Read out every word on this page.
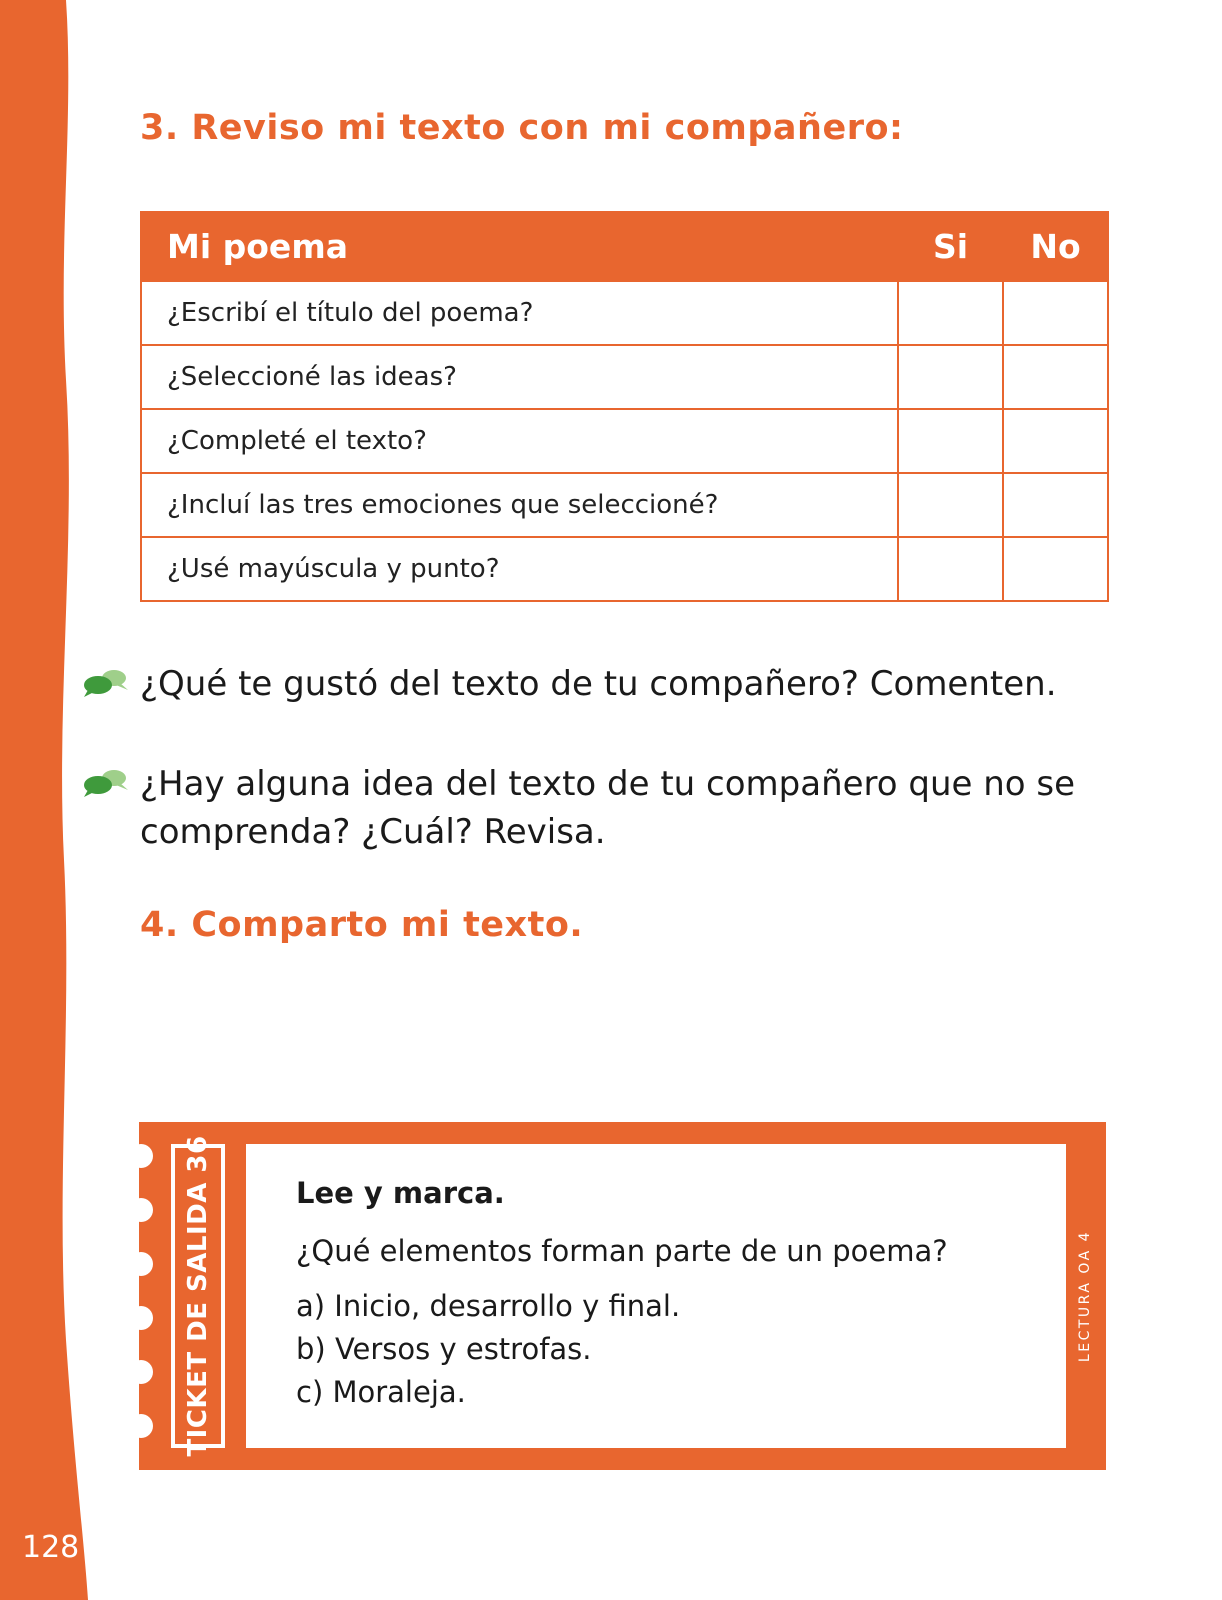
128
3. Reviso mi texto con mi compañero:
Mi poema	Si	No
¿Escribí el título del poema?		
¿Seleccioné las ideas?		
¿Completé el texto?		
¿Incluí las tres emociones que seleccioné?		
¿Usé mayúscula y punto?		
¿Qué te gustó del texto de tu compañero? Comenten.
¿Hay alguna idea del texto de tu compañero que no se comprenda? ¿Cuál? Revisa.
4. Comparto mi texto.
TICKET DE SALIDA 36	Lee y marca.
¿Qué elementos forman parte de un poema?
a) Inicio, desarrollo y final.
b) Versos y estrofas.
c) Moraleja.
LECTURA OA 4
